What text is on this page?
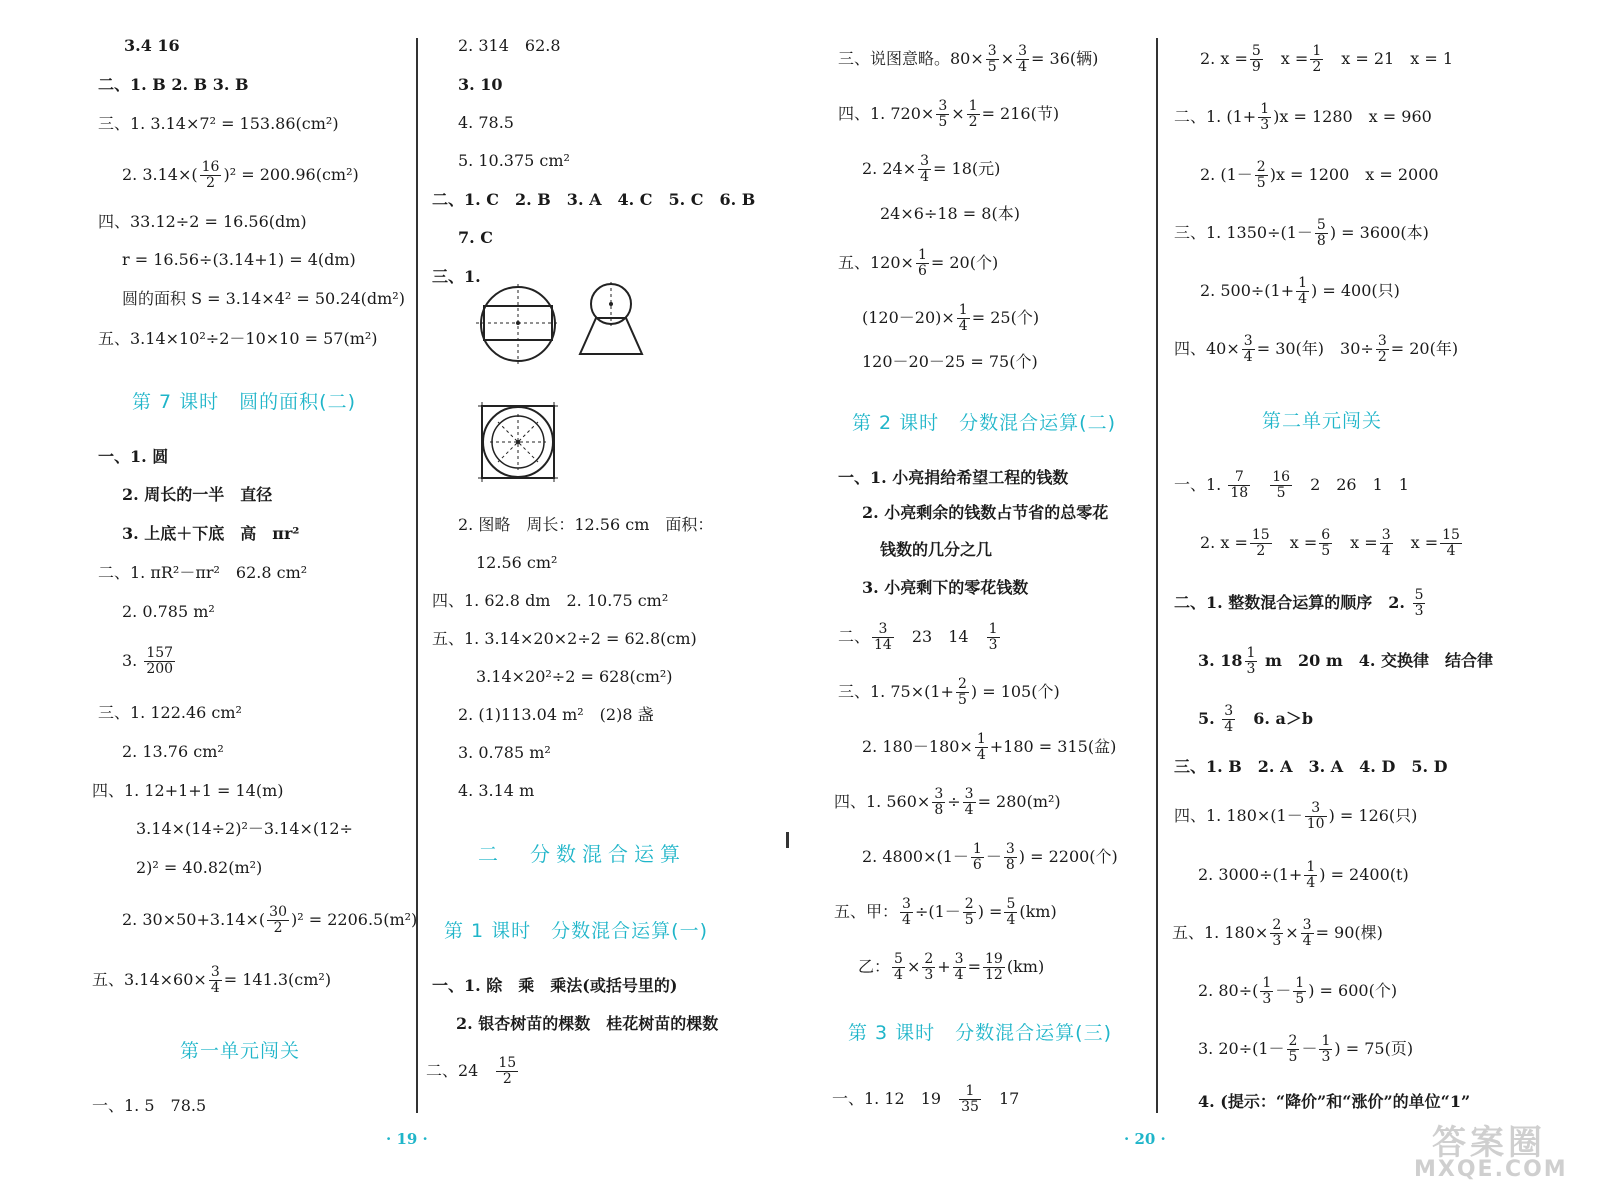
3.4 16
二、1. B 2. B 3. B
三、1. 3.14×7² = 153.86(cm²)
2. $3.14\times( \frac{16}{2} )^2 = 200.96(cm^2)$
四、33.12÷2 = 16.56(dm)
r = 16.56÷(3.14+1) = 4(dm)
圆的面积 S = 3.14×4² = 50.24(dm²)
五、3.14×10²÷2－10×10 = 57(m²)
第 7 课时　圆的面积(二)
一、1. 圆
2. 周长的一半　直径
3. 上底＋下底　高　πr²
二、1. πR²－πr²　62.8 cm²
2. 0.785 m²
3. $\frac{157}{200}$
三、1. 122.46 cm²
2. 13.76 cm²
四、1. 12+1+1 = 14(m)
3.14×(14÷2)²－3.14×(12÷
2)² = 40.82(m²)
2. $30\times 50+3.14\times( \frac{30}{2} )^2 = 2206.5(m^2)$
五、$3.14\times 60\times \frac{3}{4} = 141.3(cm^2)$
第一单元闯关
一、1. 5　78.5
2. 314　62.8
3. 10
4. 78.5
5. 10.375 cm²
二、1. C　2. B　3. A　4. C　5. C　6. B
7. C
三、1.
2. 图略　周长：12.56 cm　面积：
12.56 cm²
四、1. 62.8 dm　2. 10.75 cm²
五、1. 3.14×20×2÷2 = 62.8(cm)
3.14×20²÷2 = 628(cm²)
2. (1)113.04 m²　(2)8 盏
3. 0.785 m²
4. 3.14 m
二　分数混合运算
第 1 课时　分数混合运算(一)
一、1. 除　乘　乘法(或括号里的)
2. 银杏树苗的棵数　桂花树苗的棵数
二、24　 $\frac{15}{2}$
三、说图意略。$80\times \frac{3}{5} \times \frac{3}{4} = 36$(辆)
四、1. $720\times \frac{3}{5} \times \frac{1}{2} = 216$(节)
2. $24\times \frac{3}{4} = 18$(元)
24×6÷18 = 8(本)
五、$120\times \frac{1}{6} = 20$(个)
$(120-20)\times \frac{1}{4} = 25$(个)
120－20－25 = 75(个)
第 2 课时　分数混合运算(二)
一、1. 小亮捐给希望工程的钱数
2. 小亮剩余的钱数占节省的总零花
钱数的几分之几
3. 小亮剩下的零花钱数
二、 $\frac{3}{14}$ 　23　14　 $\frac{1}{3}$
三、1. $75\times(1+ \frac{2}{5}$ ) = 105(个)
2. $180-180\times \frac{1}{4} +180 = 315$(盆)
四、1. $560\times \frac{3}{8} \div \frac{3}{4} = 280(m^2)$
2. $4800\times(1- \frac{1}{6} - \frac{3}{8}$ ) = 2200(个)
五、甲： $\frac{3}{4} \div(1- \frac{2}{5}$ ) = $\frac{5}{4} (km)$
乙： $\frac{5}{4} \times \frac{2}{3} + \frac{3}{4} = \frac{19}{12} (km)$
第 3 课时　分数混合运算(三)
一、1. 12　19　 $\frac{1}{35}$
　 17
2. $x = \frac{5}{9}$ 　$x = \frac{1}{2}$ 　x = 21　x = 1
二、1. $(1+ \frac{1}{3} )x = 1280$　x = 960
2. $(1- \frac{2}{5} )x = 1200$　x = 2000
三、1. $1350\div(1- \frac{5}{8}$ ) = 3600(本)
2. $500\div(1+ \frac{1}{4}$ ) = 400(只)
四、$40\times \frac{3}{4} = 30$(年)　$30\div \frac{3}{2} = 20$(年)
第二单元闯关
一、1. $\frac{7}{18}$
　 $\frac{16}{5}$
　 2　26　1　1
2. $x = \frac{15}{2}$
　 $x = \frac{6}{5}$
　 $x = \frac{3}{4}$
　 $x = \frac{15}{4}$
二、1. 整数混合运算的顺序　2. $\frac{5}{3}$
3. $18 \frac{1}{3}$ m　20 m　4. 交换律　结合律
5. $\frac{3}{4}$
　 6. a＞b
三、1. B　2. A　3. A　4. D　5. D
四、1. $180\times(1- \frac{3}{10}$ ) = 126(只)
2. $3000\div(1+ \frac{1}{4}$ ) = 2400(t)
五、1. $180\times \frac{2}{3} \times \frac{3}{4} = 90$(棵)
2. $80\div( \frac{1}{3} - \frac{1}{5}$ ) = 600(个)
3. $20\div(1- \frac{2}{5} - \frac{1}{3}$ ) = 75(页)
4. (提示：“降价”和“涨价”的单位“1”
· 19 ·	· 20 ·	答案圈
MXQE.COM
